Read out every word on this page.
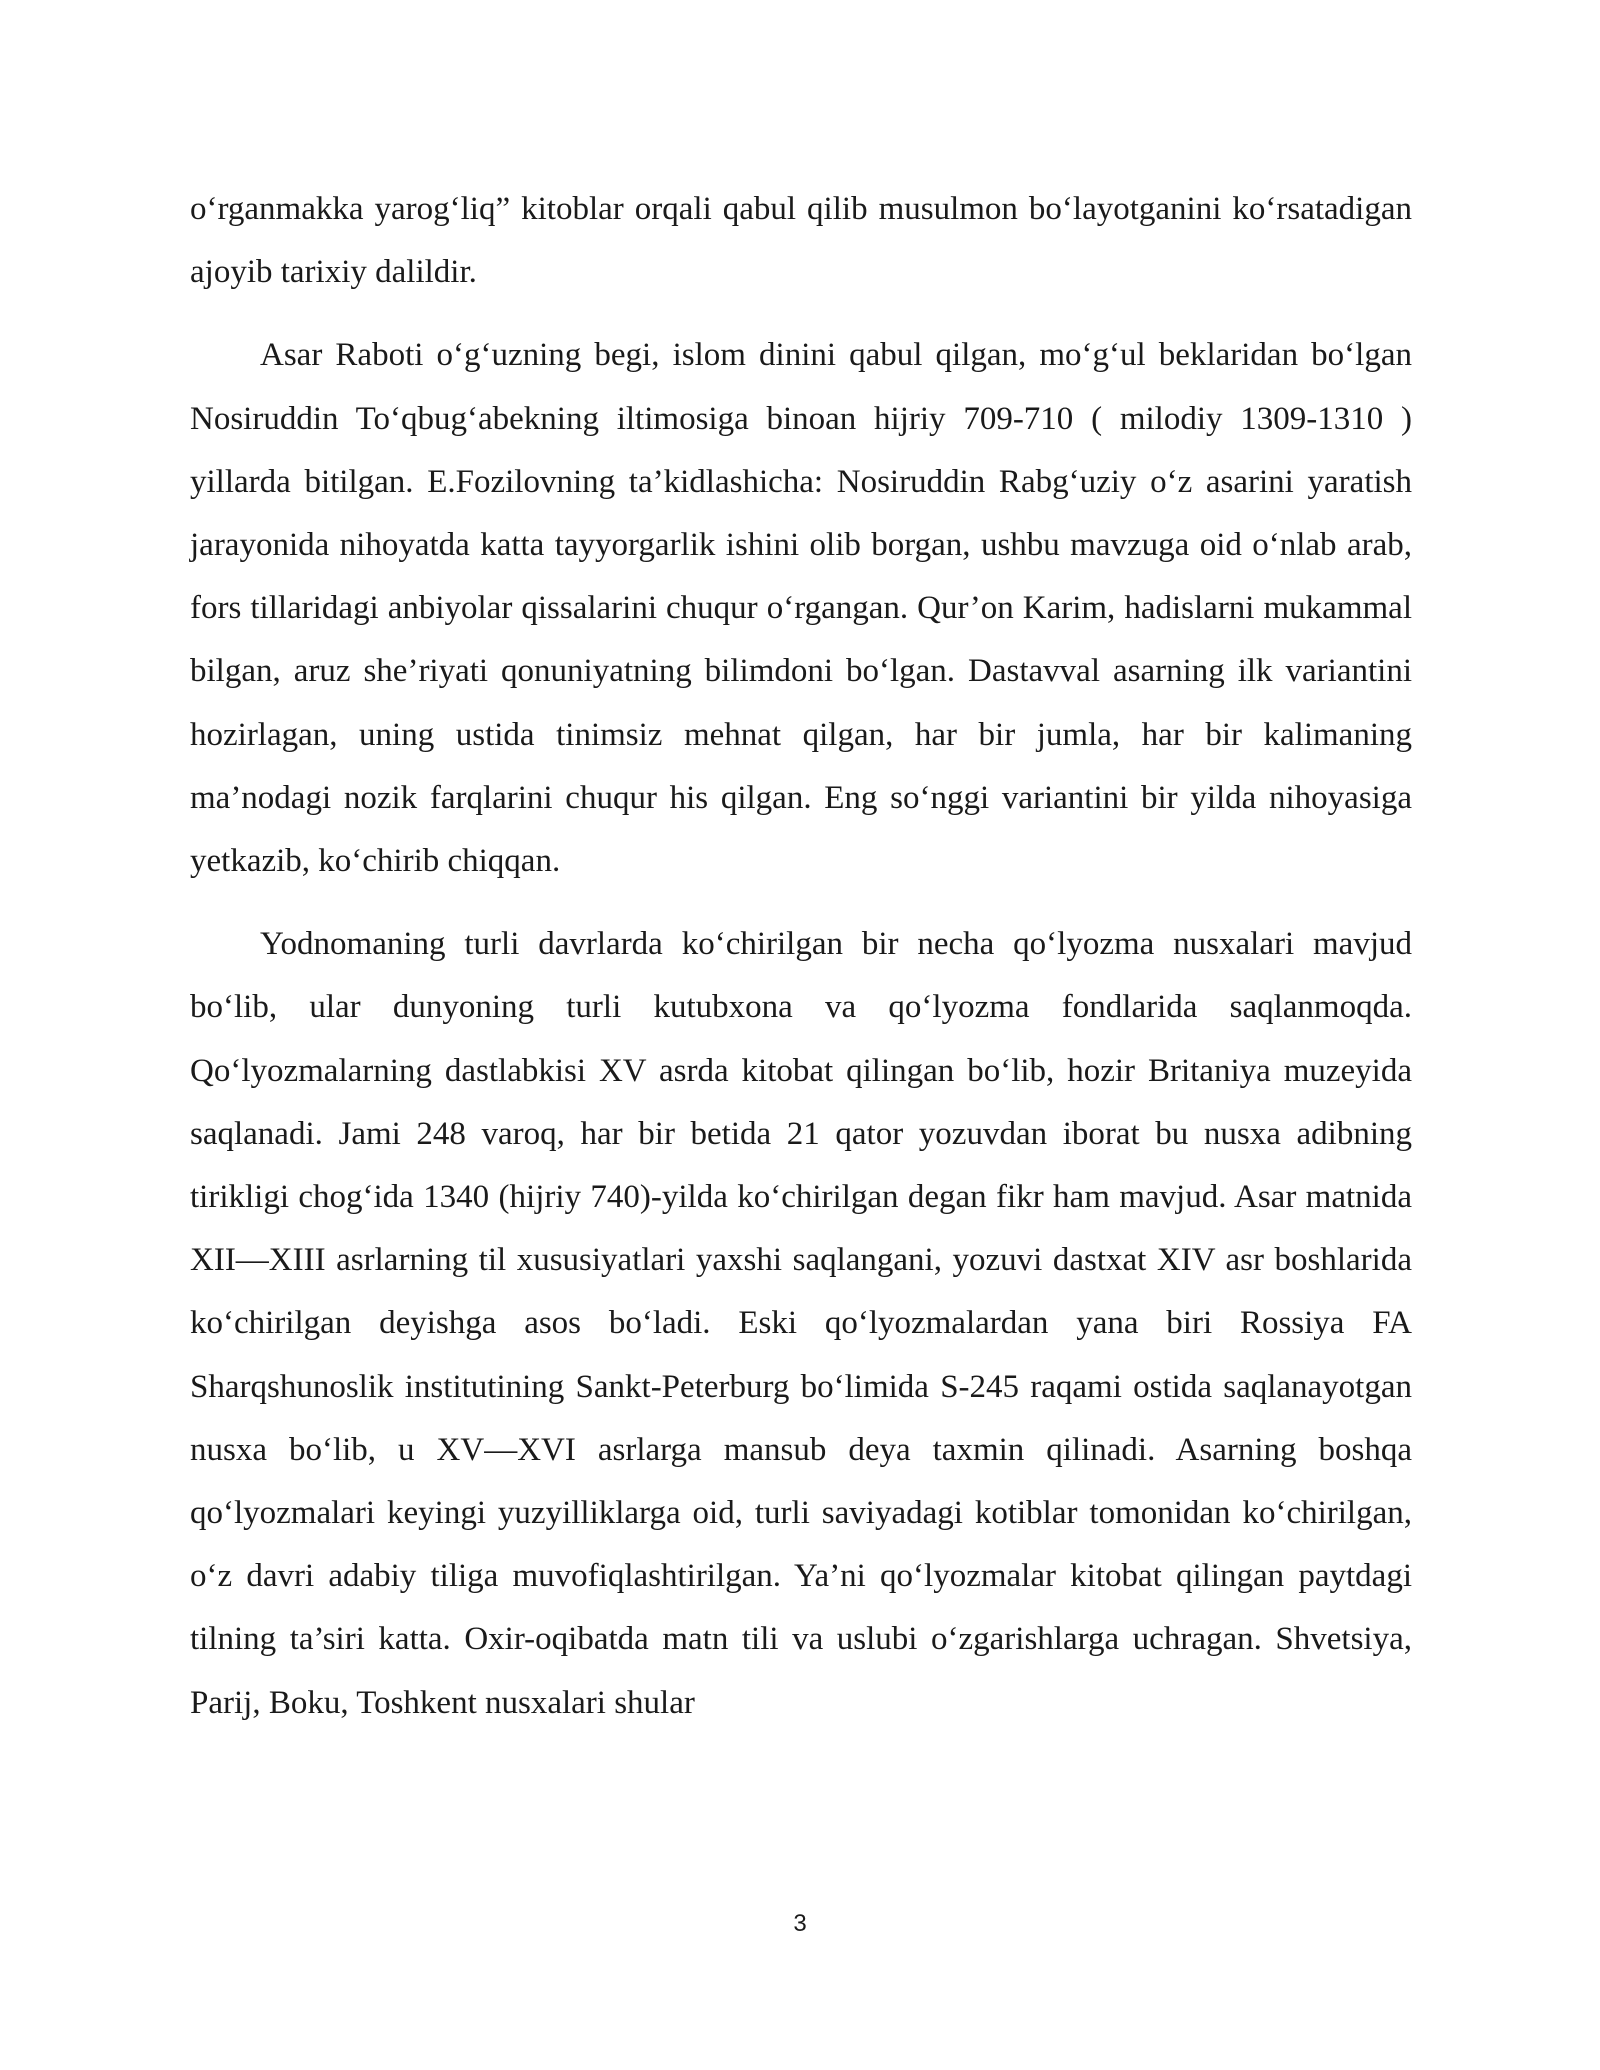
o‘rganmakka yarog‘liq” kitoblar orqali qabul qilib musulmon bo‘layotganini ko‘rsatadigan ajoyib tarixiy dalildir.

Asar Raboti o‘g‘uzning begi, islom dinini qabul qilgan, mo‘g‘ul beklaridan bo‘lgan Nosiruddin To‘qbug‘abekning iltimosiga binoan hijriy 709-710 ( milodiy 1309-1310 ) yillarda bitilgan. E.Fozilovning ta’kidlashicha: Nosiruddin Rabg‘uziy o‘z asarini yaratish jarayonida nihoyatda katta tayyorgarlik ishini olib borgan, ushbu mavzuga oid o‘nlab arab, fors tillaridagi anbiyolar qissalarini chuqur o‘rgangan. Qur’on Karim, hadislarni mukammal bilgan, aruz she’riyati qonuniyatning bilimdoni bo‘lgan. Dastavval asarning ilk variantini hozirlagan, uning ustida tinimsiz mehnat qilgan, har bir jumla, har bir kalimaning ma’nodagi nozik farqlarini chuqur his qilgan. Eng so‘nggi variantini bir yilda nihoyasiga yetkazib, ko‘chirib chiqqan.

Yodnomaning turli davrlarda ko‘chirilgan bir necha qo‘lyozma nusxalari mavjud bo‘lib, ular dunyoning turli kutubxona va qo‘lyozma fondlarida saqlanmoqda. Qo‘lyozmalarning dastlabkisi XV asrda kitobat qilingan bo‘lib, hozir Britaniya muzeyida saqlanadi. Jami 248 varoq, har bir betida 21 qator yozuvdan iborat bu nusxa adibning tirikligi chog‘ida 1340 (hijriy 740)-yilda ko‘chirilgan degan fikr ham mavjud. Asar matnida XII—XIII asrlarning til xususiyatlari yaxshi saqlangani, yozuvi dastxat XIV asr boshlarida ko‘chirilgan deyishga asos bo‘ladi. Eski qo‘lyozmalardan yana biri Rossiya FA Sharqshunoslik institutining Sankt-Peterburg bo‘limida S-245 raqami ostida saqlanayotgan nusxa bo‘lib, u XV—XVI asrlarga mansub deya taxmin qilinadi. Asarning boshqa qo‘lyozmalari keyingi yuzyilliklarga oid, turli saviyadagi kotiblar tomonidan ko‘chirilgan, o‘z davri adabiy tiliga muvofiqlashtirilgan. Ya’ni qo‘lyozmalar kitobat qilingan paytdagi tilning ta’siri katta. Oxir-oqibatda matn tili va uslubi o‘zgarishlarga uchragan. Shvetsiya, Parij, Boku, Toshkent nusxalari shular

3
